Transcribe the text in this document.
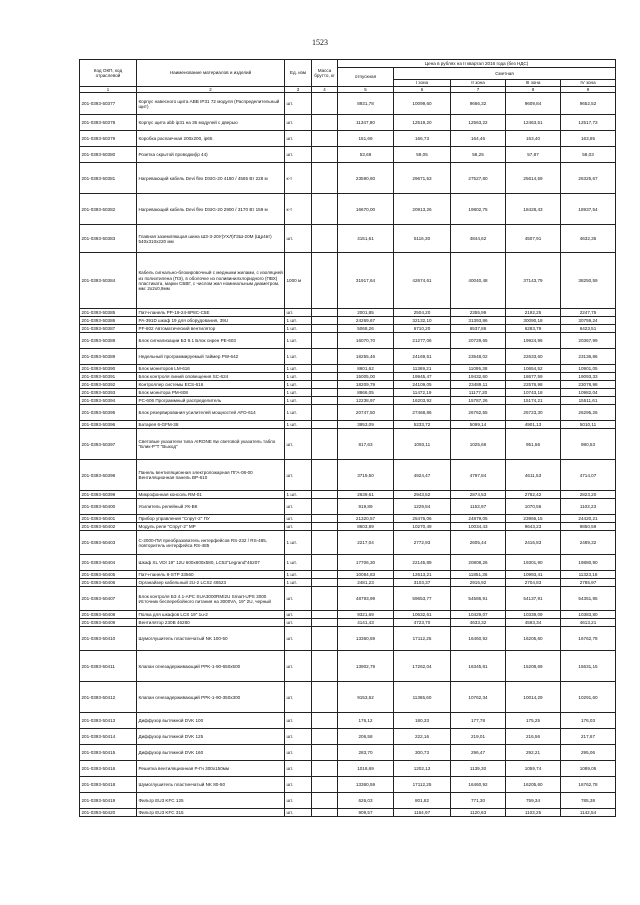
1523
Код ОКП, код отраслевой	Наименование материалов и изделий	Ед. изм	Масса брутто, кг	Цена в рублях на II квартал 2016 года (без НДС)				
				отпускная	Сметная			
					I зона	II зона	III зона	IV зона
1	2	3	4	5	6	7	8	9
201-0393-50377	Корпус навесного щита ABB IP31 72 модуля (Распределительный щит)	шт.		8931,78	10099,60	9666,32	9609,84	9652,52
201-0393-50378	Корпус щита abb ip31 на 36 модулей с дверью	шт.		11347,90	12519,20	12563,22	12463,51	12517,73
201-0393-50379	Коробка распаечная 200х200, ip65	шт.		151,69	166,73	164,46	163,40	163,85
201-0393-50380	Розетка скрытой проводки(ip 44)	шт.		53,69	59,05	58,25	57,87	58,03
201-0393-50381	Нагревающий кабель Devi flex DSIG-20 4180 / 4565 Вт 228 м	к-т		23590,60	29671,53	27527,80	25614,59	26325,67
201-0393-50382	Нагревающий кабель Devi flex DSIG-20 2900 / 3170 Вт 159 м	к-т		16670,00	20913,26	19802,75	18428,43	18937,54
201-0393-50383	Главная заземляющая шина ШЗ-3-20У(УХЛ)ГЗШ-20М (Щр4вт) 540х310х220 мм	шт.		4151,61	5116,30	4844,62	4507,91	4632,35
201-0393-50384	Кабель сигнально-блокировочный с медными жилами, с изоляцией из полиэтилена (ПЭ), в оболочке из поливинилхлоридного (ПВХ) пластиката, марки СБВГ, с числом жил номинальным диаметром, мм: 2х2х0,9мм	1000 м		31917,64	42674,61	40040,48	37143,79	38250,59
201-0393-50385	Патч-панель PP-19-24-8P8C-C5E	шт.		2001,85	2504,20	2355,99	2192,25	2247,75
201-0393-50386	PA-391D шкаф 19 для оборудования, 39U	1 шт.		24269,67	32132,10	31393,86	30090,18	30759,24
201-0393-50387	PF-602 Автоматический вентилятор	1 шт.		5068,26	6710,20	6537,86	6283,79	6423,51
201-0393-50388	Блок сигнализации БЗ 9.1 Блок сирен PE-603	1 шт.		16070,70	21277,06	20729,65	19924,96	20367,99
201-0393-50389	Недельный программируемый таймер PW-642	1 шт.		18255,46	24169,51	23548,02	22633,60	23136,86
201-0393-50390	Блок мониторов LM-616	1 шт.		8601,62	11369,21	11095,38	10654,52	10901,05
201-0393-50391	Блок контроля линий оповещения SC-624	1 шт.		15005,00	19945,47	19432,60	18677,59	19093,33
201-0393-50392	Контроллер системы ECS-616	1 шт.		18209,79	24109,05	23489,11	22576,98	23078,98
201-0393-50393	Блок монитора PM-608	1 шт.		8866,05	11472,19	11177,20	10743,18	10982,04
201-0393-50394	PC-606 Программный распределитель	1 шт.		12238,97	16203,92	15787,26	15174,21	15511,61
201-0393-50395	Блок резервирования усилителей мощностей AFD-614	1 шт.		20747,50	27468,86	26762,55	25723,30	26295,26
201-0393-50396	Батарея 6-GFM-38	1 шт.		3953,09	5233,72	5099,14	4901,13	5010,11
201-0393-50397	Световые указатели типа AIRONE 6w световой указатель табло "Блик-Р"Т "Выход"	шт.		817,63	1093,11	1025,66	951,56	980,53
201-0393-50398	Панель вентиляционная электропожарная ПГА-08-00 Вентиляционная панель BP-610	шт.		3719,50	4924,47	4797,84	4611,53	4714,07
201-0393-50399	Микрофонная консоль RM-01	1 шт.		2639,61	2943,52	2874,53	2782,42	2823,20
201-0393-50400	Усилитель релейный УК-ВК	шт.		919,89	1229,84	1153,97	1070,56	1103,23
201-0393-50401	Прибор управления "Спрут-2" ПУ	шт.		21320,57	25476,06	24879,05	23966,15	24420,21
201-0393-50402	Модуль реле "Спрут-2" МР	шт.		8603,89	10270,49	10034,43	9643,23	9850,59
201-0393-50403	С-2000-ПИ преобразователь интерфейсов RS-232 / RS-485, повторитель интерфейса RS-485	1 шт.		2217,04	2772,93	2605,44	2416,83	2489,32
201-0393-50404	Шкаф XL VDI 19" 12U 600х600х580, LC53"Legrand"46207	1 шт.		17706,30	22145,89	20808,26	19301,90	19880,90
201-0393-50405	Патч-панель 8-STP 33560	1 шт.		10084,83	12613,21	11851,36	10993,41	11323,18
201-0393-50406	Органайзер кабельный 2U-2 LCS2 46523	1 шт.		2481,23	3103,37	2915,92	2704,83	2785,97
201-0393-50407	Блок контроля БЗ 4.1-APC SUA3000RMI2U Smart-UPS 3000 Источник бесперебойного питания на 3000VA, 19" 2U, черный	шт.		48793,99	59653,77	54586,91	54137,91	54351,95
201-0393-50408	Полка для шкафов LCS 19" 1u-2	шт.		9321,69	10632,61	10429,07	10339,09	10383,80
201-0393-50409	Вентилятор 230В 46280	шт.		4141,43	4723,70	4633,32	4593,34	4613,21
201-0393-50410	Шумоглушитель пластинчатый NK 100-50	шт.		13360,59	17112,25	16460,92	16205,60	16762,78
201-0393-50411	Клапан огнезадерживающий PPK-1-90-650х500	шт.		13902,79	17262,04	16345,81	15208,69	15631,15
201-0393-50412	Клапан огнезадерживающий PPK-1-90-350х300	шт.		9153,62	11365,60	10762,34	10014,29	10291,60
201-0393-50413	Диффузор вытяжной DVK 100	шт.		176,12	180,33	177,78	175,25	176,03
201-0393-50414	Диффузор вытяжной DVK 125	шт.		206,58	222,16	219,01	216,56	217,67
201-0393-50415	Диффузор вытяжной DVK 160	шт.		283,70	300,73	296,47	292,21	295,06
201-0393-50416	Решетка вентиляционная Р-Гн 300х150мм	шт.		1018,69	1202,13	1139,30	1059,74	1089,05
201-0393-50418	Шумоглушитель пластинчатый NK 80-50	шт.		13360,59	17112,25	16460,92	16205,60	16762,78
201-0393-50419	Фильтр EU3 KFC 125	шт.		626,03	801,82	771,30	759,34	785,38
201-0393-50420	Фильтр EU3 KFC 315	шт.		909,57	1164,97	1120,63	1103,25	1142,54
